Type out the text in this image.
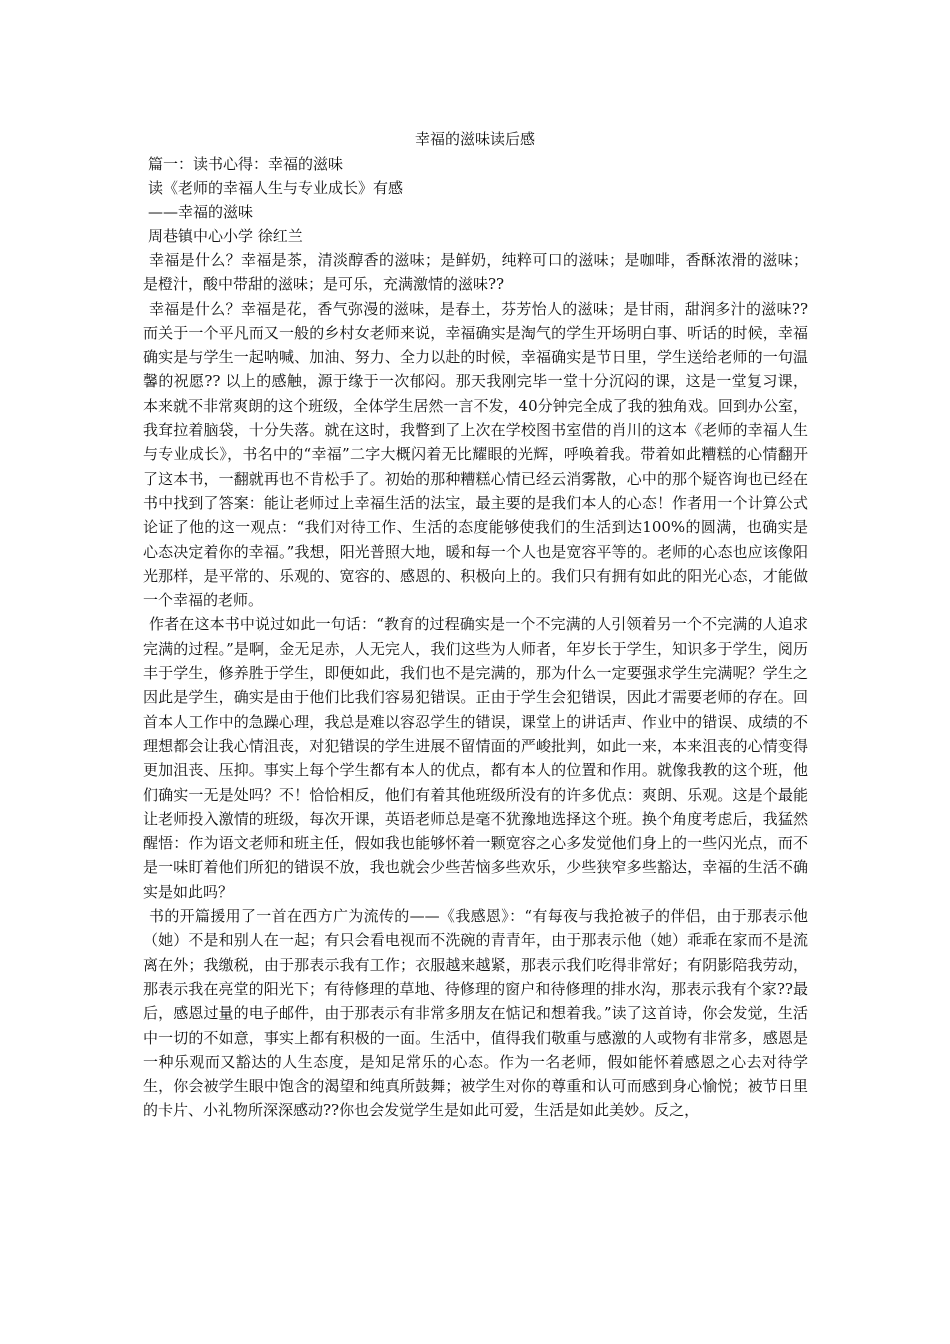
幸福的滋味读后感
篇一：读书心得：幸福的滋味
读《老师的幸福人生与专业成长》有感
——幸福的滋味
周巷镇中心小学 徐红兰

幸福是什么？幸福是茶，清淡醇香的滋味；是鲜奶，纯粹可口的滋味；是咖啡，香酥浓滑的滋味；是橙汁，酸中带甜的滋味；是可乐，充满激情的滋味??

幸福是什么？幸福是花，香气弥漫的滋味，是春土，芬芳怡人的滋味；是甘雨，甜润多汁的滋味??而关于一个平凡而又一般的乡村女老师来说，幸福确实是淘气的学生开场明白事、听话的时候，幸福确实是与学生一起呐喊、加油、努力、全力以赴的时候，幸福确实是节日里，学生送给老师的一句温馨的祝愿?? 以上的感触，源于缘于一次郁闷。那天我刚完毕一堂十分沉闷的课，这是一堂复习课，本来就不非常爽朗的这个班级，全体学生居然一言不发，40分钟完全成了我的独角戏。回到办公室，我耷拉着脑袋，十分失落。就在这时，我瞥到了上次在学校图书室借的肖川的这本《老师的幸福人生与专业成长》，书名中的“幸福”二字大概闪着无比耀眼的光辉，呼唤着我。带着如此糟糕的心情翻开了这本书，一翻就再也不肯松手了。初始的那种糟糕心情已经云消雾散，心中的那个疑咨询也已经在书中找到了答案：能让老师过上幸福生活的法宝，最主要的是我们本人的心态！作者用一个计算公式论证了他的这一观点：“我们对待工作、生活的态度能够使我们的生活到达100%的圆满，也确实是心态决定着你的幸福。”我想，阳光普照大地，暖和每一个人也是宽容平等的。老师的心态也应该像阳光那样，是平常的、乐观的、宽容的、感恩的、积极向上的。我们只有拥有如此的阳光心态，才能做一个幸福的老师。

作者在这本书中说过如此一句话：“教育的过程确实是一个不完满的人引领着另一个不完满的人追求完满的过程。”是啊，金无足赤，人无完人，我们这些为人师者，年岁长于学生，知识多于学生，阅历丰于学生，修养胜于学生，即便如此，我们也不是完满的，那为什么一定要强求学生完满呢？学生之因此是学生，确实是由于他们比我们容易犯错误。正由于学生会犯错误，因此才需要老师的存在。回首本人工作中的急躁心理，我总是难以容忍学生的错误，课堂上的讲话声、作业中的错误、成绩的不理想都会让我心情沮丧，对犯错误的学生进展不留情面的严峻批判，如此一来，本来沮丧的心情变得更加沮丧、压抑。事实上每个学生都有本人的优点，都有本人的位置和作用。就像我教的这个班，他们确实一无是处吗？不！恰恰相反，他们有着其他班级所没有的许多优点：爽朗、乐观。这是个最能让老师投入激情的班级，每次开课，英语老师总是毫不犹豫地选择这个班。换个角度考虑后，我猛然醒悟：作为语文老师和班主任，假如我也能够怀着一颗宽容之心多发觉他们身上的一些闪光点，而不是一味盯着他们所犯的错误不放，我也就会少些苦恼多些欢乐，少些狭窄多些豁达，幸福的生活不确实是如此吗？

书的开篇援用了一首在西方广为流传的——《我感恩》：“有每夜与我抢被子的伴侣，由于那表示他（她）不是和别人在一起；有只会看电视而不洗碗的青青年，由于那表示他（她）乖乖在家而不是流离在外；我缴税，由于那表示我有工作；衣服越来越紧，那表示我们吃得非常好；有阴影陪我劳动，那表示我在亮堂的阳光下；有待修理的草地、待修理的窗户和待修理的排水沟，那表示我有个家??最后，感恩过量的电子邮件，由于那表示有非常多朋友在惦记和想着我。”读了这首诗，你会发觉，生活中一切的不如意，事实上都有积极的一面。生活中，值得我们敬重与感激的人或物有非常多，感恩是一种乐观而又豁达的人生态度，是知足常乐的心态。作为一名老师，假如能怀着感恩之心去对待学生，你会被学生眼中饱含的渴望和纯真所鼓舞；被学生对你的尊重和认可而感到身心愉悦；被节日里的卡片、小礼物所深深感动??你也会发觉学生是如此可爱，生活是如此美妙。反之，
